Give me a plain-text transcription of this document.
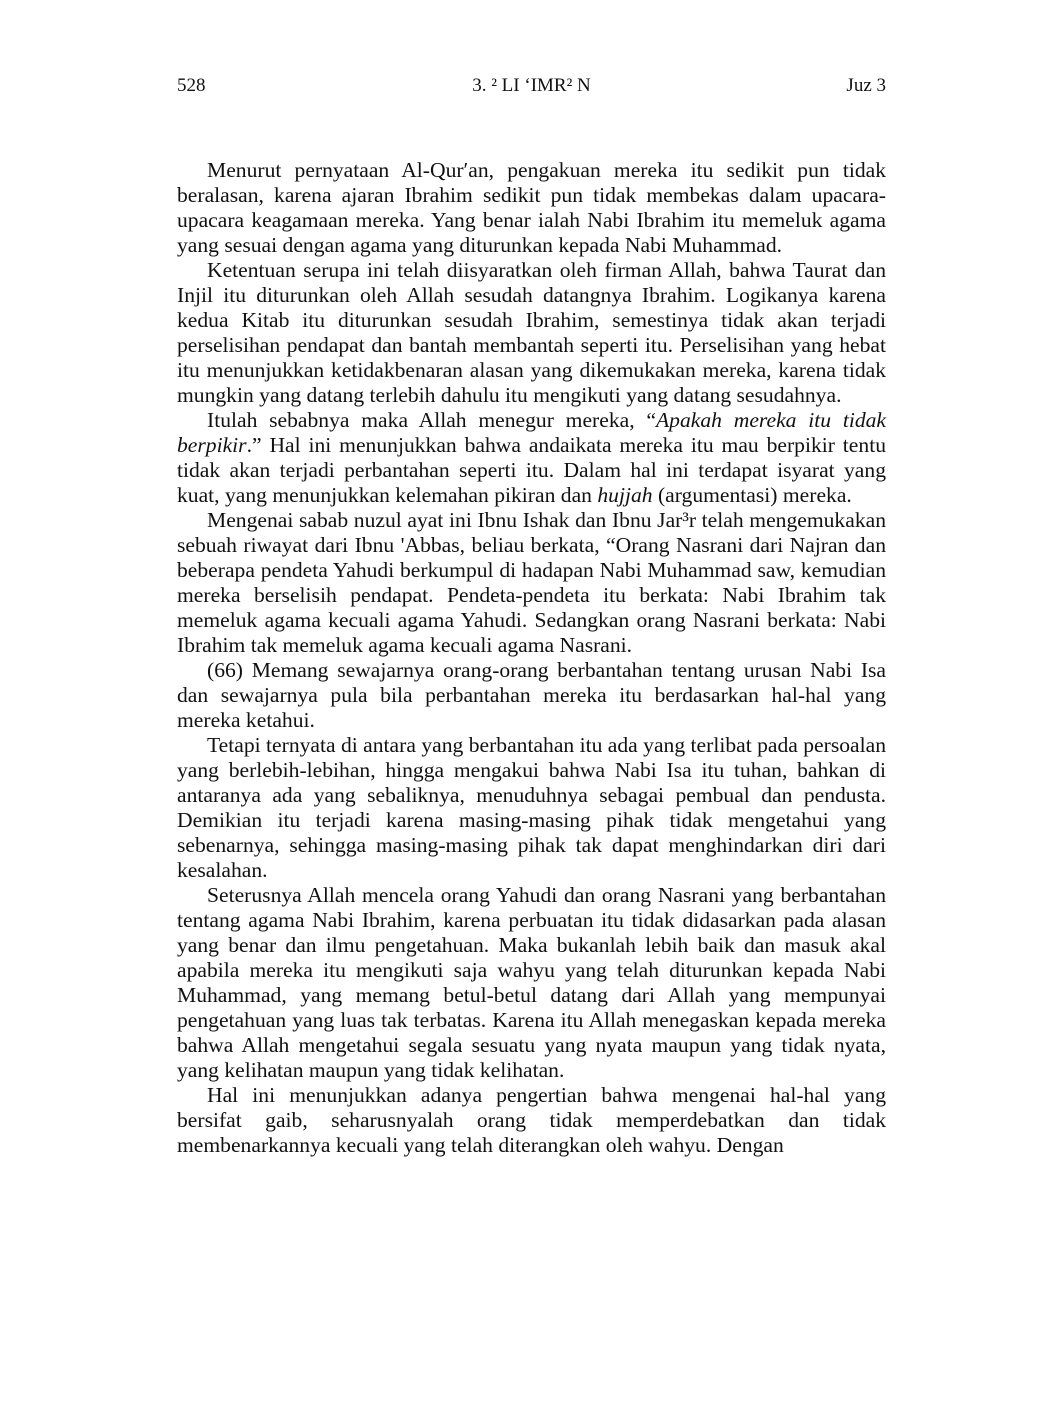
528	3. ² LI ‘IMR² N	Juz 3

Menurut pernyataan Al-Qur′an, pengakuan mereka itu sedikit pun tidak beralasan, karena ajaran Ibrahim sedikit pun tidak membekas dalam upacara-upacara keagamaan mereka. Yang benar ialah Nabi Ibrahim itu memeluk agama yang sesuai dengan agama yang diturunkan kepada Nabi Muhammad.

Ketentuan serupa ini telah diisyaratkan oleh firman Allah, bahwa Taurat dan Injil itu diturunkan oleh Allah sesudah datangnya Ibrahim. Logikanya karena kedua Kitab itu diturunkan sesudah Ibrahim, semestinya tidak akan terjadi perselisihan pendapat dan bantah membantah seperti itu. Perselisihan yang hebat itu menunjukkan ketidakbenaran alasan yang dikemukakan mereka, karena tidak mungkin yang datang terlebih dahulu itu mengikuti yang datang sesudahnya.

Itulah sebabnya maka Allah menegur mereka, “Apakah mereka itu tidak berpikir.” Hal ini menunjukkan bahwa andaikata mereka itu mau berpikir tentu tidak akan terjadi perbantahan seperti itu. Dalam hal ini terdapat isyarat yang kuat, yang menunjukkan kelemahan pikiran dan hujjah (argumentasi) mereka.

Mengenai sabab nuzul ayat ini Ibnu Ishak dan Ibnu Jar³r telah mengemukakan sebuah riwayat dari Ibnu 'Abbas, beliau berkata, “Orang Nasrani dari Najran dan beberapa pendeta Yahudi berkumpul di hadapan Nabi Muhammad saw, kemudian mereka berselisih pendapat. Pendeta-pendeta itu berkata: Nabi Ibrahim tak memeluk agama kecuali agama Yahudi. Sedangkan orang Nasrani berkata: Nabi Ibrahim tak memeluk agama kecuali agama Nasrani.

(66) Memang sewajarnya orang-orang berbantahan tentang urusan Nabi Isa dan sewajarnya pula bila perbantahan mereka itu berdasarkan hal-hal yang mereka ketahui.

Tetapi ternyata di antara yang berbantahan itu ada yang terlibat pada persoalan yang berlebih-lebihan, hingga mengakui bahwa Nabi Isa itu tuhan, bahkan di antaranya ada yang sebaliknya, menuduhnya sebagai pembual dan pendusta. Demikian itu terjadi karena masing-masing pihak tidak mengetahui yang sebenarnya, sehingga masing-masing pihak tak dapat menghindarkan diri dari kesalahan.

Seterusnya Allah mencela orang Yahudi dan orang Nasrani yang berbantahan tentang agama Nabi Ibrahim, karena perbuatan itu tidak didasarkan pada alasan yang benar dan ilmu pengetahuan. Maka bukanlah lebih baik dan masuk akal apabila mereka itu mengikuti saja wahyu yang telah diturunkan kepada Nabi Muhammad, yang memang betul-betul datang dari Allah yang mempunyai pengetahuan yang luas tak terbatas. Karena itu Allah menegaskan kepada mereka bahwa Allah mengetahui segala sesuatu yang nyata maupun yang tidak nyata, yang kelihatan maupun yang tidak kelihatan.

Hal ini menunjukkan adanya pengertian bahwa mengenai hal-hal yang bersifat gaib, seharusnyalah orang tidak memperdebatkan dan tidak membenarkannya kecuali yang telah diterangkan oleh wahyu. Dengan
